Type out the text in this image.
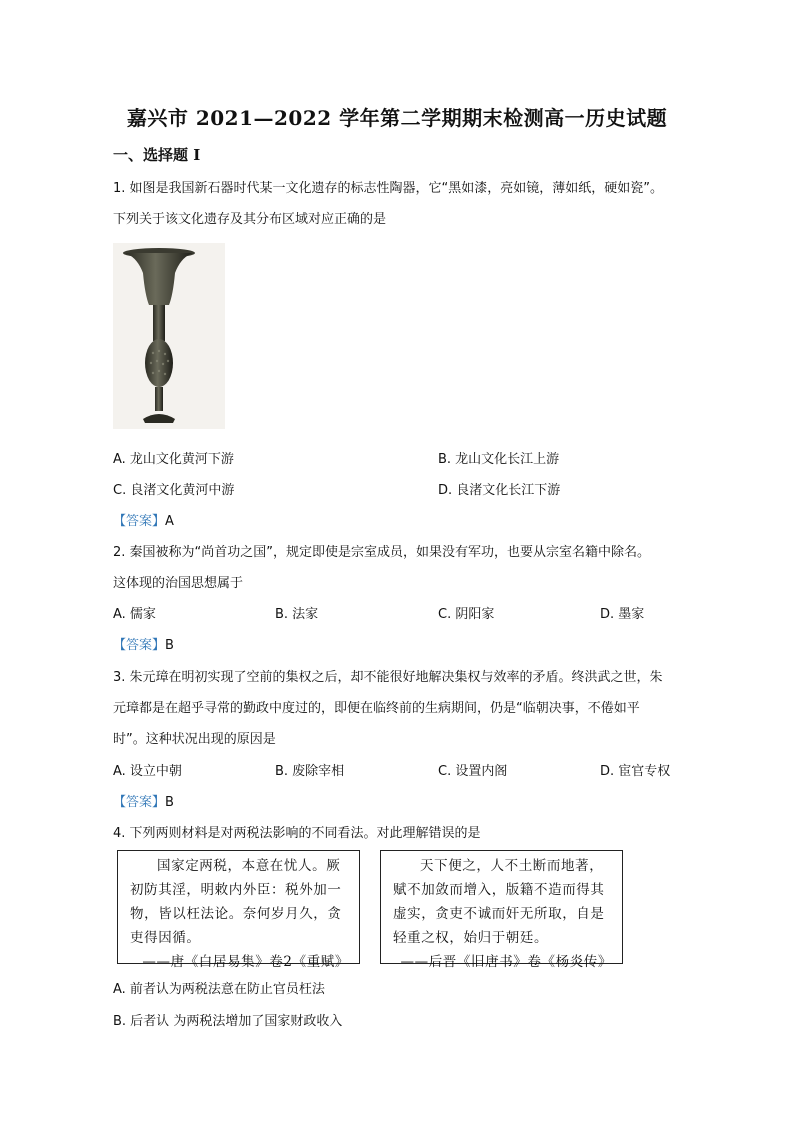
嘉兴市 2021—2022 学年第二学期期末检测高一历史试题
一、选择题 I
1. 如图是我国新石器时代某一文化遗存的标志性陶器，它“黑如漆，亮如镜，薄如纸，硬如瓷”。
下列关于该文化遗存及其分布区域对应正确的是
A. 龙山文化黄河下游	B. 龙山文化长江上游
C. 良渚文化黄河中游	D. 良渚文化长江下游
【答案】A
2. 秦国被称为“尚首功之国”，规定即使是宗室成员，如果没有军功，也要从宗室名籍中除名。
这体现的治国思想属于
A. 儒家	B. 法家	C. 阴阳家	D. 墨家
【答案】B
3. 朱元璋在明初实现了空前的集权之后，却不能很好地解决集权与效率的矛盾。终洪武之世，朱
元璋都是在超乎寻常的勤政中度过的，即便在临终前的生病期间，仍是“临朝决事，不倦如平
时”。这种状况出现的原因是
A. 设立中朝	B. 废除宰相	C. 设置内阁	D. 宦官专权
【答案】B
4. 下列两则材料是对两税法影响的不同看法。对此理解错误的是
国家定两税，本意在忧人。厥初防其淫，明敕内外臣：税外加一物，皆以枉法论。奈何岁月久，贪吏得因循。
——唐《白居易集》卷2《重赋》
天下便之，人不土断而地著，赋不加敛而增入，版籍不造而得其虚实，贪吏不诚而奸无所取，自是轻重之权，始归于朝廷。
——后晋《旧唐书》卷《杨炎传》
A. 前者认为两税法意在防止官员枉法
B. 后者认 为两税法增加了国家财政收入
